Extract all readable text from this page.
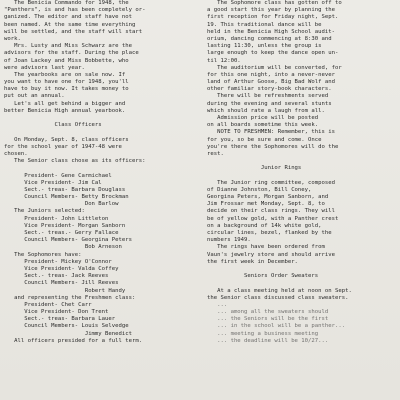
The Benicia Commando for 1948, the
"Panthers", is and has been completely or-
ganized. The editor and staff have not
been named. At the same time everything
will be settled, and the staff will start
work.
Mrs. Lusty and Miss Schwarz are the
advisors for the staff. During the place
of Joan Lackey and Miss Bobbette, who
were advisors last year.
The yearbooks are on sale now. If
you want to have one for 1948, you'll
have to buy it now. It takes money to
put out an annual.
Let's all get behind a bigger and
better Benicia High annual yearbook.
Class Officers
On Monday, Sept. 8, class officers
for the school year of 1947-48 were
chosen.
The Senior class chose as its officers:
President- Gene Carmichael
Vice President- Jim Cal
Sect.- treas- Barbara Douglass
Council Members- Betty Brockman
Don Barlow
The Juniors selected:
President- John Littleton
Vice President- Morgan Sanborn
Sect.- treas.- Gerry Fallace
Council Members- Georgina Peters
Bob Arneson
The Sophomores have:
President- Mickey O'Connor
Vice President- Valda Coffey
Sect.- treas- Jack Reeves
Council Members- Jill Reeves
Robert Handy
and representing the Freshmen class:
President- Chet Carr
Vice President- Don Trent
Sect.- treas- Barbara Lauer
Council Members- Louis Selvedge
Jimmy Benedict
All officers presided for a full term.
The Sophomore class has gotten off to
a good start this year by planning the
first reception for Friday night, Sept.
19. This traditional dance will be
held in the Benicia High School audit-
orium, dancing commencing at 8:30 and
lasting 11:30, unless the group is
large enough to keep the dance open un-
til 12:00.
The auditorium will be converted, for
for this one night, into a never-never
land of Arthur Goose, Big Bad Wolf and
other familiar story-book characters.
There will be refreshments served
during the evening and several stunts
which should rate a laugh from all.
Admission price will be posted
on all boards sometime this week.
NOTE TO FRESHMEN: Remember, this is
for you, so be sure and come. Once
you're there the Sophomores will do the
rest.
Junior Rings
The Junior ring committee, composed
of Dianne Johnston, Bill Coney,
Georgina Peters, Morgan Sanborn, and
Jim Frossar met Monday, Sept. 8, to
decide on their class rings. They will
be of yellow gold, with a Panther crest
on a background of 14k white gold,
circular lines, bezel, flanked by the
numbers 1949.
The rings have been ordered from
Vaun's jewelry store and should arrive
the first week in December.
Seniors Order Sweaters
At a class meeting held at noon on Sept.
the Senior class discussed class sweaters.
...
... among all the sweaters should
... the Seniors will be the first
... in the school will be a panther...
... meeting a business meeting
... the deadline will be 10/27...
